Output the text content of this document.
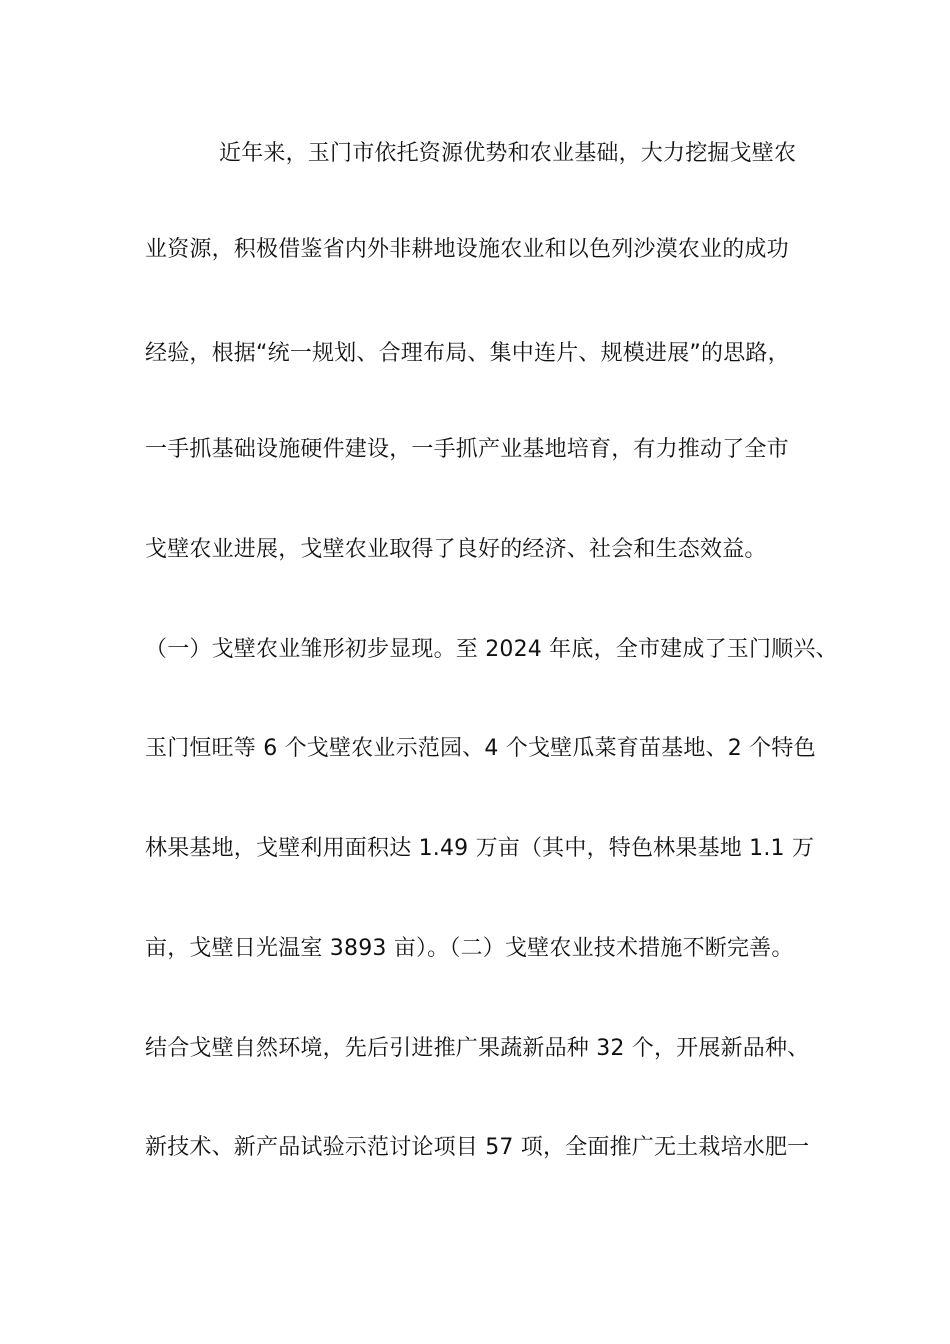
近年来，玉门市依托资源优势和农业基础，大力挖掘戈壁农
业资源，积极借鉴省内外非耕地设施农业和以色列沙漠农业的成功
经验，根据“统一规划、合理布局、集中连片、规模进展”的思路，
一手抓基础设施硬件建设，一手抓产业基地培育，有力推动了全市
戈壁农业进展，戈壁农业取得了良好的经济、社会和生态效益。
（一）戈壁农业雏形初步显现。至 2024 年底，全市建成了玉门顺兴、
玉门恒旺等 6 个戈壁农业示范园、4 个戈壁瓜菜育苗基地、2 个特色
林果基地，戈壁利用面积达 1.49 万亩（其中，特色林果基地 1.1 万
亩，戈壁日光温室 3893 亩）。（二）戈壁农业技术措施不断完善。
结合戈壁自然环境，先后引进推广果蔬新品种 32 个，开展新品种、
新技术、新产品试验示范讨论项目 57 项，全面推广无土栽培水肥一
